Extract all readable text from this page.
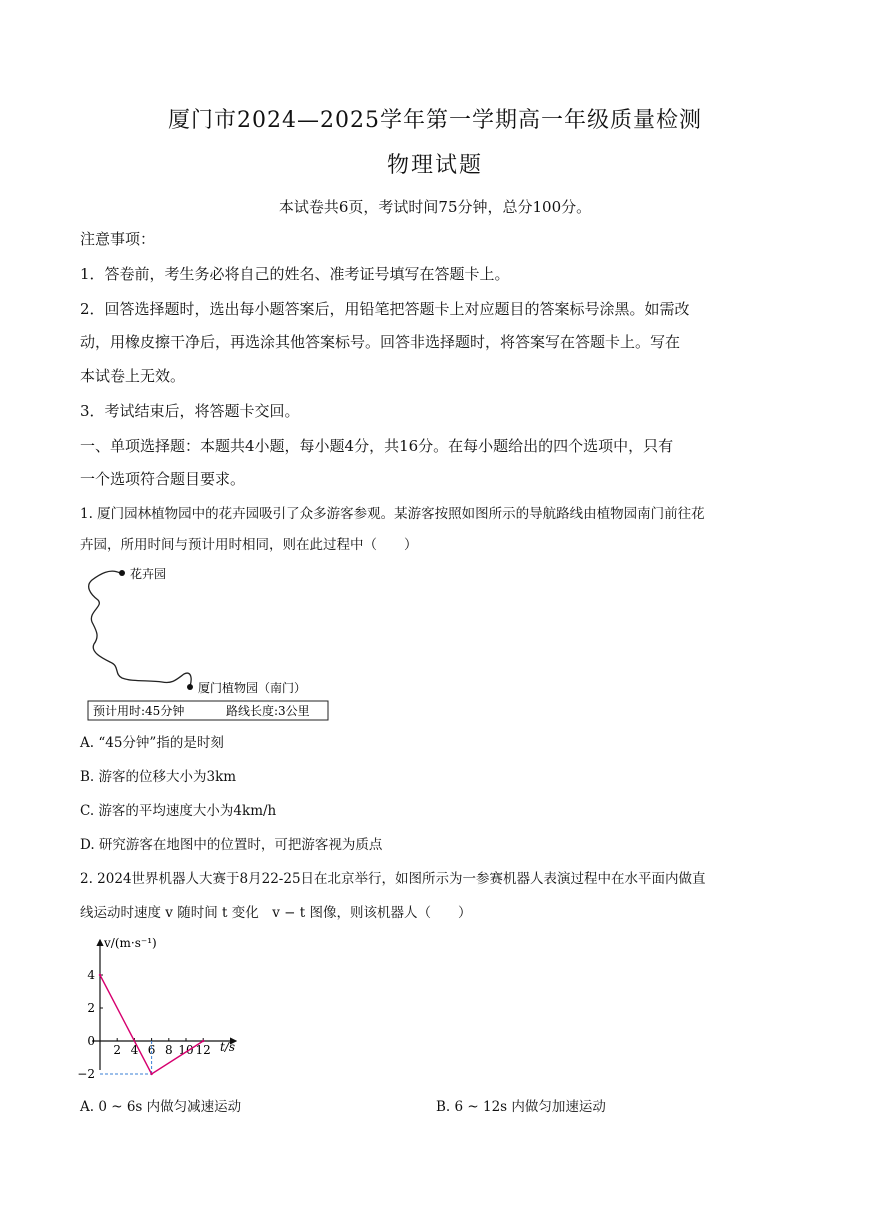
厦门市2024—2025学年第一学期高一年级质量检测
物理试题
本试卷共6页，考试时间75分钟，总分100分。
注意事项：
1．答卷前，考生务必将自己的姓名、准考证号填写在答题卡上。
2．回答选择题时，选出每小题答案后，用铅笔把答题卡上对应题目的答案标号涂黑。如需改
动，用橡皮擦干净后，再选涂其他答案标号。回答非选择题时，将答案写在答题卡上。写在
本试卷上无效。
3．考试结束后，将答题卡交回。
一、单项选择题：本题共4小题，每小题4分，共16分。在每小题给出的四个选项中，只有
一个选项符合题目要求。
1. 厦门园林植物园中的花卉园吸引了众多游客参观。某游客按照如图所示的导航路线由植物园南门前往花
卉园，所用时间与预计用时相同，则在此过程中（　　）
花卉园
厦门植物园（南门）
预计用时:45分钟	路线长度:3公里
A. “45分钟”指的是时刻
B. 游客的位移大小为3km
C. 游客的平均速度大小为4km/h
D. 研究游客在地图中的位置时，可把游客视为质点
2. 2024世界机器人大赛于8月22-25日在北京举行，如图所示为一参赛机器人表演过程中在水平面内做直
线运动时速度 v 随时间 t 变化　v − t 图像，则该机器人（　　）
v/(m·s⁻¹)
t/s
2 4 6 8 10 12
4
2
0
−2
A. 0 ~ 6s 内做匀减速运动	B. 6 ~ 12s 内做匀加速运动
